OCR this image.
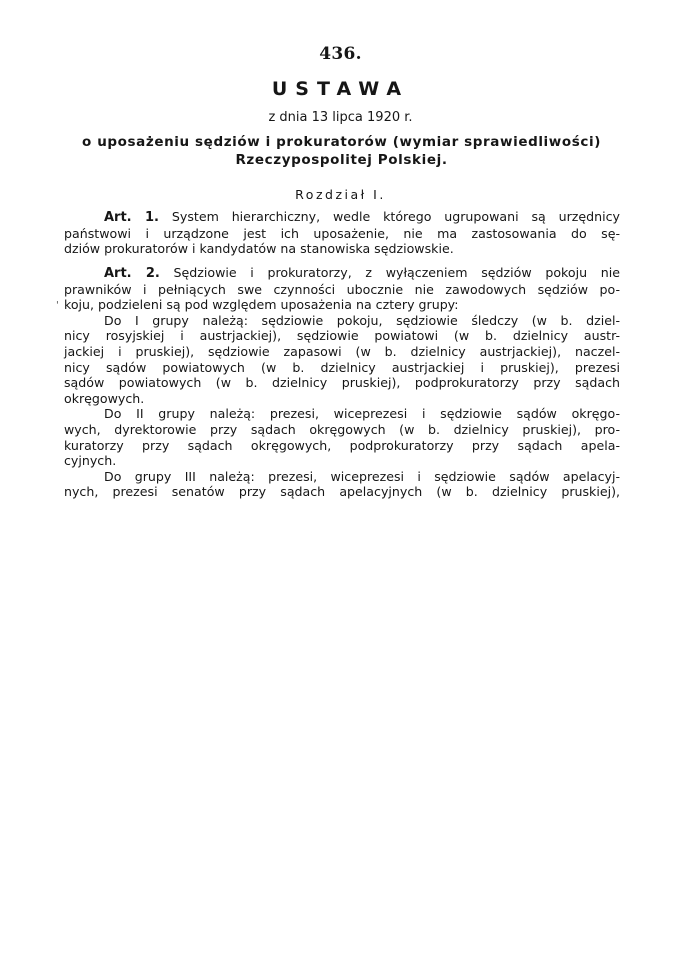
436.
USTAWA
z dnia 13 lipca 1920 r.
o uposażeniu sędziów i prokuratorów (wymiar sprawiedliwości)
Rzeczypospolitej Polskiej.
Rozdział I.

Art. 1. System hierarchiczny, wedle którego ugrupowani są urzędnicy

państwowi i urządzone jest ich uposażenie, nie ma zastosowania do sę-

dziów prokuratorów i kandydatów na stanowiska sędziowskie.

Art. 2. Sędziowie i prokuratorzy, z wyłączeniem sędziów pokoju nie

prawników i pełniących swe czynności ubocznie nie zawodowych sędziów po-

koju, podzieleni są pod względem uposażenia na cztery grupy:

Do I grupy należą: sędziowie pokoju, sędziowie śledczy (w b. dziel-

nicy rosyjskiej i austrjackiej), sędziowie powiatowi (w b. dzielnicy austr-

jackiej i pruskiej), sędziowie zapasowi (w b. dzielnicy austrjackiej), naczel-

nicy sądów powiatowych (w b. dzielnicy austrjackiej i pruskiej), prezesi

sądów powiatowych (w b. dzielnicy pruskiej), podprokuratorzy przy sądach

okręgowych.

Do II grupy należą: prezesi, wiceprezesi i sędziowie sądów okręgo-

wych, dyrektorowie przy sądach okręgowych (w b. dzielnicy pruskiej), pro-

kuratorzy przy sądach okręgowych, podprokuratorzy przy sądach apela-

cyjnych.

Do grupy III należą: prezesi, wiceprezesi i sędziowie sądów apelacyj-

nych, prezesi senatów przy sądach apelacyjnych (w b. dzielnicy pruskiej),

'
